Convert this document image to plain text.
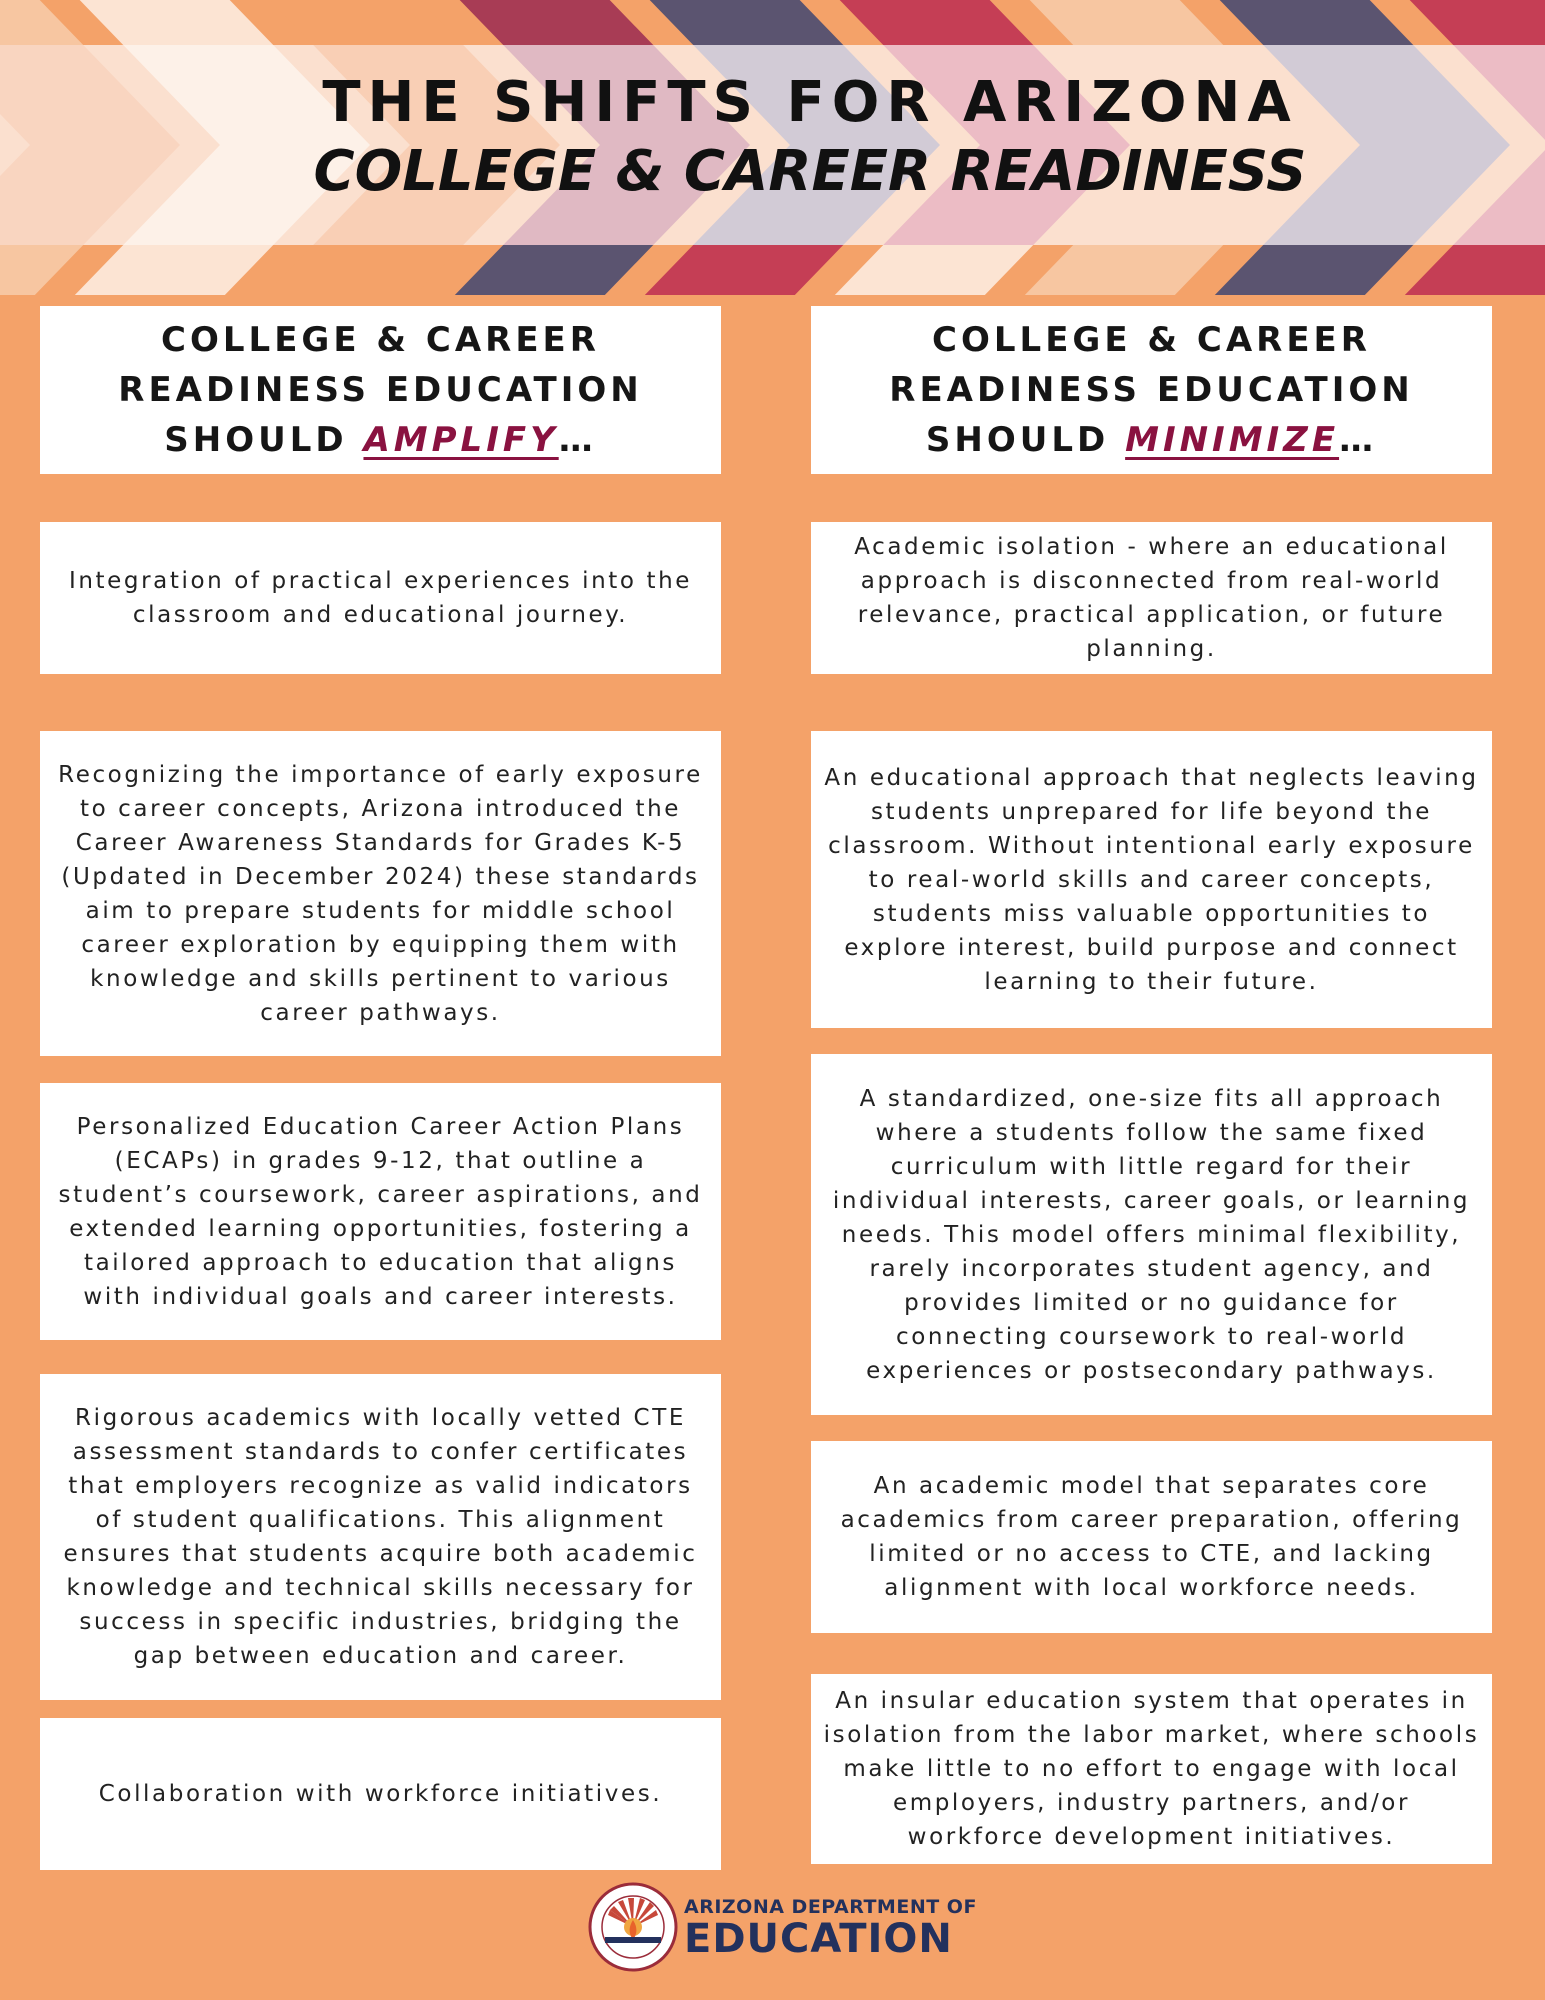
THE SHIFTS FOR ARIZONA
COLLEGE & CAREER READINESS
COLLEGE & CAREER
READINESS EDUCATION
SHOULD AMPLIFY…
COLLEGE & CAREER
READINESS EDUCATION
SHOULD MINIMIZE…
Integration of practical experiences into the classroom and educational journey.
Recognizing the importance of early exposure to career concepts, Arizona introduced the Career Awareness Standards for Grades K-5 (Updated in December 2024) these standards aim to prepare students for middle school career exploration by equipping them with knowledge and skills pertinent to various career pathways.
Personalized Education Career Action Plans (ECAPs) in grades 9-12, that outline a student’s coursework, career aspirations, and extended learning opportunities, fostering a tailored approach to education that aligns with individual goals and career interests.
Rigorous academics with locally vetted CTE assessment standards to confer certificates that employers recognize as valid indicators of student qualifications. This alignment ensures that students acquire both academic knowledge and technical skills necessary for success in specific industries, bridging the gap between education and career.
Collaboration with workforce initiatives.
Academic isolation - where an educational approach is disconnected from real-world relevance, practical application, or future planning.
An educational approach that neglects leaving students unprepared for life beyond the classroom. Without intentional early exposure to real-world skills and career concepts, students miss valuable opportunities to explore interest, build purpose and connect learning to their future.
A standardized, one-size fits all approach where a students follow the same fixed curriculum with little regard for their individual interests, career goals, or learning needs. This model offers minimal flexibility, rarely incorporates student agency, and provides limited or no guidance for connecting coursework to real-world experiences or postsecondary pathways.
An academic model that separates core academics from career preparation, offering limited or no access to CTE, and lacking alignment with local workforce needs.
An insular education system that operates in isolation from the labor market, where schools make little to no effort to engage with local employers, industry partners, and/or workforce development initiatives.
ARIZONA DEPARTMENT OF
EDUCATION
